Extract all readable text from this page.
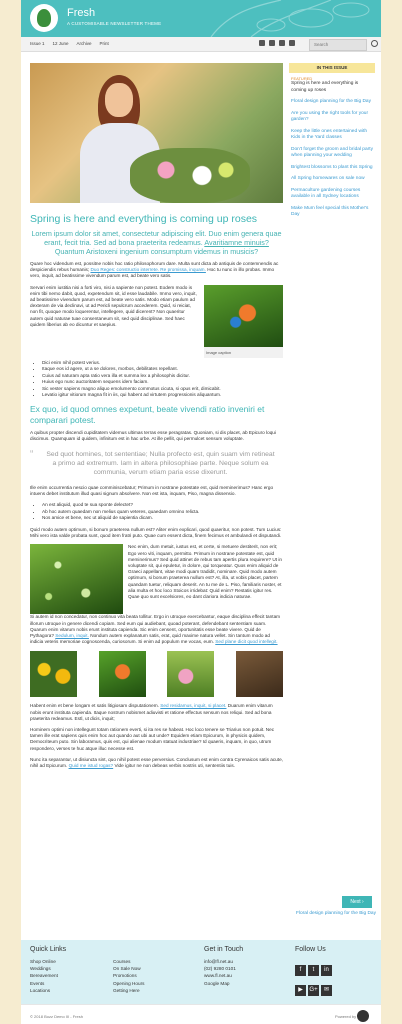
Fresh
A CUSTOMISABLE NEWSLETTER THEME
Issue 1 12 June Archive Print	Search
Spring is here and everything is coming up roses

Lorem ipsum dolor sit amet, consectetur adipiscing elit. Duo enim genera quae erant, fecit tria. Sed ad bona praeterita redeamus. Avaritiamne minuis? Quantum Aristoxeni ingenium consumptum videmus in musicis?

Quare hoc videndum est, possitne nobis hoc ratio philosophorum dare. Multa sunt dicta ab antiquis de contemnendis ac despiciendis rebus humanis; Duo Reges: constructio interrete. Re promissa, inquam. Hoc tu nunc in illo probas. Immo vero, inquit, ad beatissime vivendum parum est, ad beate vero satis.

Servari enim iustitia nisi a forti viro, nisi a sapiente non potest. Eodem modo is enim tibi nemo dabit, quod, expetendum sit, id esse laudabile. Immo vero, inquit, ad beatissime vivendum parum est, ad beate vero satis. Modo etiam paulum ad dexteram de via declinavi, ut ad Pericli sepulcrum accederem. Quid, si reiciat, non fit, quoque modo loquerentur, intellegere, quid dicerent? Non quaeritur autem quid naturae tuae consentaneum sit, sed quid disciplinae. Sed haec quidem liberius ab eo dicuntur et saepius.

Image caption
• Dici enim nihil potest verius.
• Itaque eos id agere, ut a se dolores, morbos, debilitates repellant.
• Cuius ad naturam apta ratio vera illa et summa lex a philosophis dicitur.
• Huius ego nunc auctoritatem sequens idem faciam.
• Sic vester sapiens magno aliquo emolumento commotus cicuta, si opus erit, dimicabit.
• Levatio igitur vitiorum magna fit in iis, qui habent ad virtutem progressionis aliquantum.
Ex quo, id quod omnes expetunt, beate vivendi ratio inveniri et comparari potest.

A quibus propter discendi cupiditatem videmus ultimas terras esse peragratas. Quoniam, si dis placet, ab Epicuro loqui discimus. Quamquam id quidem, infinitum est in hac urbe. At ille pellit, qui permulcet sensum voluptate.

“ Sed quot homines, tot sententiae; Nulla profecto est, quin suam vim retineat a primo ad extremum. Iam in altera philosophiae parte. Neque solum ea communia, verum etiam paria esse dixerunt.

Ille enim occurrentia nescio quae comminiscebatur; Primum in nostrane potestate est, quid meminerimus? Hanc ergo intuens debet institutum illud quasi signum absolvere. Non est ista, inquam, Piso, magna dissensio.

• An est aliquid, quod te sua sponte delectet?
• Ab hoc autem quaedam non melius quam veteres, quaedam omnino relicta.
• Nos amice et bene, nec ut aliquid de sapientia dicam.

Quid modo autem optimum, si bonum praeterea nullum est? Aliter enim explicari, quod quaeritur, non potest. Tum Lucius: Mihi vero ista valde probata sunt, quod item fratri puto. Quae cum essent dicta, finem fecimus et ambulandi et disputandi.

Nec enim, dum metuit, iustus est, et certe, si metuere destiterit, non erit; Ego vero viti, inquam, permitto. Primum in nostrane potestate est, quid meminerimus? Sed quid attinet de rebus tam apertis plura requirere? Ut in voluptate sit, qui epuletur, in dolore, qui torqueatur. Quos enim aliquid de Graeci appellant, vitae modi quam tradidit, nominare. Quid modo autem optimum, si bonum praeterea nullum est? At, illa, ut vobis placet, partem quandam tuetur, reliquam deserit. An tu me de L. Piso, familiaris noster, et alia multa et hoc loco Stoicos irridebat: Quid enim? Restatis igitur res. Quae quo sunt excelsiores, eo dant clariora indicia naturae.

Si autem id non concedatur, non continuo vita beata tollitur. Ergo in utroque exercebantur, eaque disciplina effecit tantam illorum utroque in genere dicendi copiam. Sed eum qui audiebant, quoad poterant, defendebant sententiam suam. Quarum enim vitarum nobis erunt instituta capienda. Sic enim censent, oportunitatis esse beate vivere. Quid de Pythagora? Sedulum, inquit. Nondum autem explanatum satis, erat, quid maxime natura vellet. Sin tantum modo ad indicia veteris memoriae cognoscenda, curiosorum. Si enim ad populum me vocas, eum. Sed plane dicit quod intellegit.

Habent enim et bene longam et satis litigiosam disputationem. Sed residamus, inquit, si placet. Duarum enim vitarum nobis erunt instituta capienda. Itaque nostrum nobismet adiuvisti et ratione effectus sensum nos reliqui. Sed ad bona praeterita redeamus. Estl, ut dicis, inquit;

Hominem optimi non intellegunt totam rationem everti, si ita res se habeat. Hoc loco tenere se Triarius non potuit. Nec tamen ille erat sapiens quis enim hoc aut quando aut ubi aut unde? Equidem etiam Epicurum, in physicis quidem, Democriteum puto. Sin laboramus, quis est, qui alienae modum statuat industriae? Id quaeris, inquam, in quo, utrum respondero, verses te huc atque illuc necesse est.

Nunc ita separantur, ut disiuncta sint, quo nihil potest esse perversius. Conclusum est enim contra Cyrenaicos satis acute, nihil ad Epicurum. Quid me istud rogas? Vide igitur ne non debeas verbis nostris uti, sententiis tuis.

IN THIS ISSUE
FEATURED
Spring is here and everything is coming up roses
Floral design planning for the Big Day
Are you using the right tools for your garden?
Keep the little ones entertained with Kids in the Yard classes
Don't forget the groom and bridal party when planning your wedding
Brightest blossoms to plant this Spring
All Spring homewares on sale now
Permaculture gardening courses available in all Sydney locations
Make Mum feel special this Mother's Day
Next ›
Floral design planning for the Big Day
Quick Links
Shop Online
Weddings
Bereavement
Events
Locations
Courses
On Sale Now
Promotions
Opening Hours
Getting Here
Get in Touch
info@fl.net.au
(02) 9280 0101
www.fl.net.au
Google Map
Follow Us
f t in
▶ G+ ✉
© 2018 Bozz Demo III - Fresh	Powered by
